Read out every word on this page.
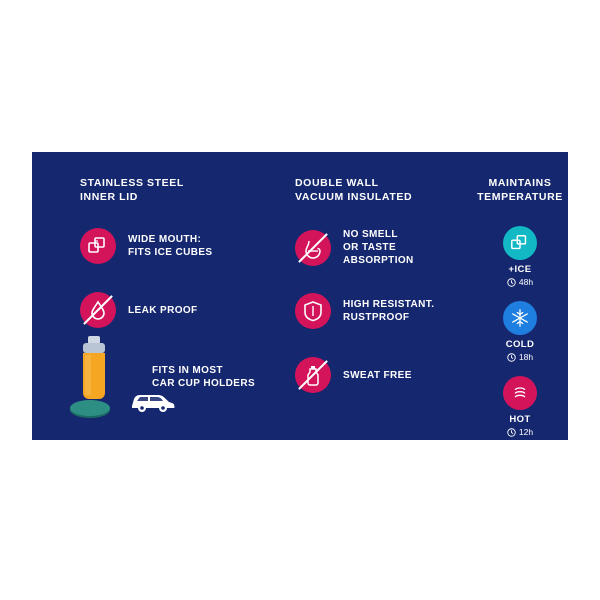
STAINLESS STEEL
INNER LID
WIDE MOUTH:
FITS ICE CUBES
LEAK PROOF
FITS IN MOST
CAR CUP HOLDERS
DOUBLE WALL
VACUUM INSULATED
NO SMELL
OR TASTE
ABSORPTION
HIGH RESISTANT.
RUSTPROOF
SWEAT FREE
MAINTAINS
TEMPERATURE
+ICE
48h
COLD
18h
HOT
12h
